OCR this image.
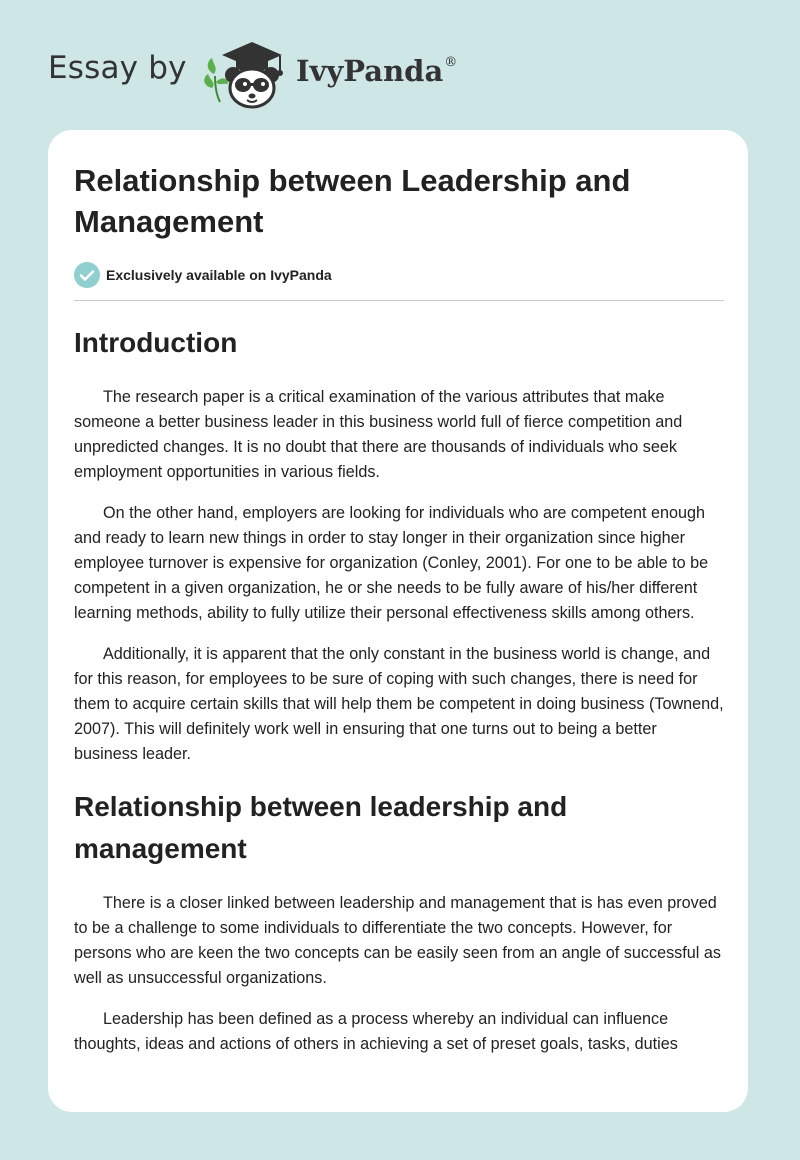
Essay by	IvyPanda®
Relationship between Leadership and Management
Exclusively available on IvyPanda
Introduction

The research paper is a critical examination of the various attributes that make someone a better business leader in this business world full of fierce competition and unpredicted changes. It is no doubt that there are thousands of individuals who seek employment opportunities in various fields.

On the other hand, employers are looking for individuals who are competent enough and ready to learn new things in order to stay longer in their organization since higher employee turnover is expensive for organization (Conley, 2001). For one to be able to be competent in a given organization, he or she needs to be fully aware of his/her different learning methods, ability to fully utilize their personal effectiveness skills among others.

Additionally, it is apparent that the only constant in the business world is change, and for this reason, for employees to be sure of coping with such changes, there is need for them to acquire certain skills that will help them be competent in doing business (Townend, 2007). This will definitely work well in ensuring that one turns out to being a better business leader.

Relationship between leadership and management

There is a closer linked between leadership and management that is has even proved to be a challenge to some individuals to differentiate the two concepts. However, for persons who are keen the two concepts can be easily seen from an angle of successful as well as unsuccessful organizations.

Leadership has been defined as a process whereby an individual can influence thoughts, ideas and actions of others in achieving a set of preset goals, tasks, duties
